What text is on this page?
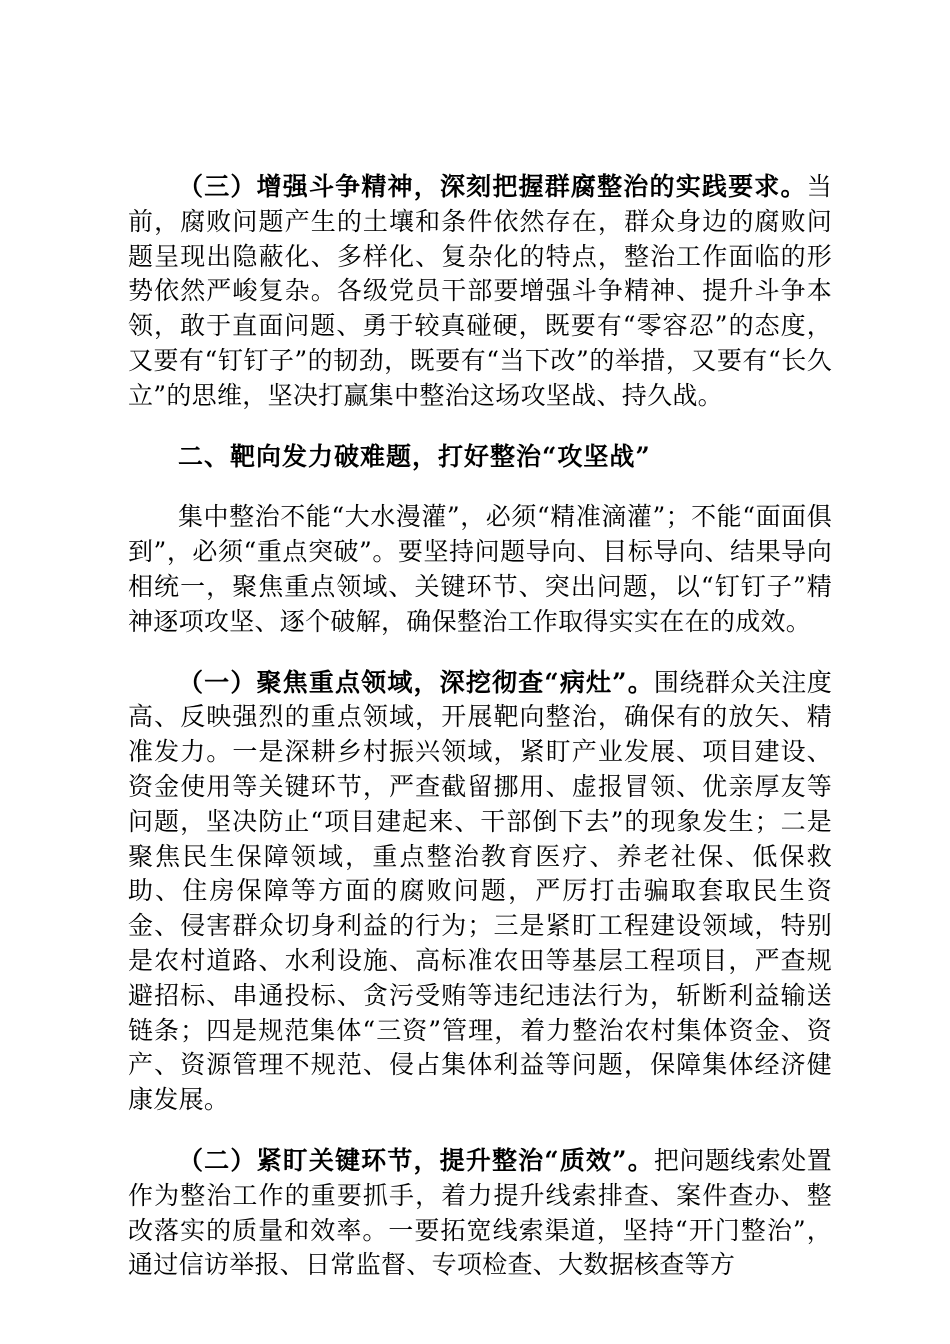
（三）增强斗争精神，深刻把握群腐整治的实践要求。当前，腐败问题产生的土壤和条件依然存在，群众身边的腐败问题呈现出隐蔽化、多样化、复杂化的特点，整治工作面临的形势依然严峻复杂。各级党员干部要增强斗争精神、提升斗争本领，敢于直面问题、勇于较真碰硬，既要有“零容忍”的态度，又要有“钉钉子”的韧劲，既要有“当下改”的举措，又要有“长久立”的思维，坚决打赢集中整治这场攻坚战、持久战。

二、靶向发力破难题，打好整治“攻坚战”

集中整治不能“大水漫灌”，必须“精准滴灌”；不能“面面俱到”，必须“重点突破”。要坚持问题导向、目标导向、结果导向相统一，聚焦重点领域、关键环节、突出问题，以“钉钉子”精神逐项攻坚、逐个破解，确保整治工作取得实实在在的成效。

（一）聚焦重点领域，深挖彻查“病灶”。围绕群众关注度高、反映强烈的重点领域，开展靶向整治，确保有的放矢、精准发力。一是深耕乡村振兴领域，紧盯产业发展、项目建设、资金使用等关键环节，严查截留挪用、虚报冒领、优亲厚友等问题，坚决防止“项目建起来、干部倒下去”的现象发生；二是聚焦民生保障领域，重点整治教育医疗、养老社保、低保救助、住房保障等方面的腐败问题，严厉打击骗取套取民生资金、侵害群众切身利益的行为；三是紧盯工程建设领域，特别是农村道路、水利设施、高标准农田等基层工程项目，严查规避招标、串通投标、贪污受贿等违纪违法行为，斩断利益输送链条；四是规范集体“三资”管理，着力整治农村集体资金、资产、资源管理不规范、侵占集体利益等问题，保障集体经济健康发展。

（二）紧盯关键环节，提升整治“质效”。把问题线索处置作为整治工作的重要抓手，着力提升线索排查、案件查办、整改落实的质量和效率。一要拓宽线索渠道，坚持“开门整治”，通过信访举报、日常监督、专项检查、大数据核查等方
